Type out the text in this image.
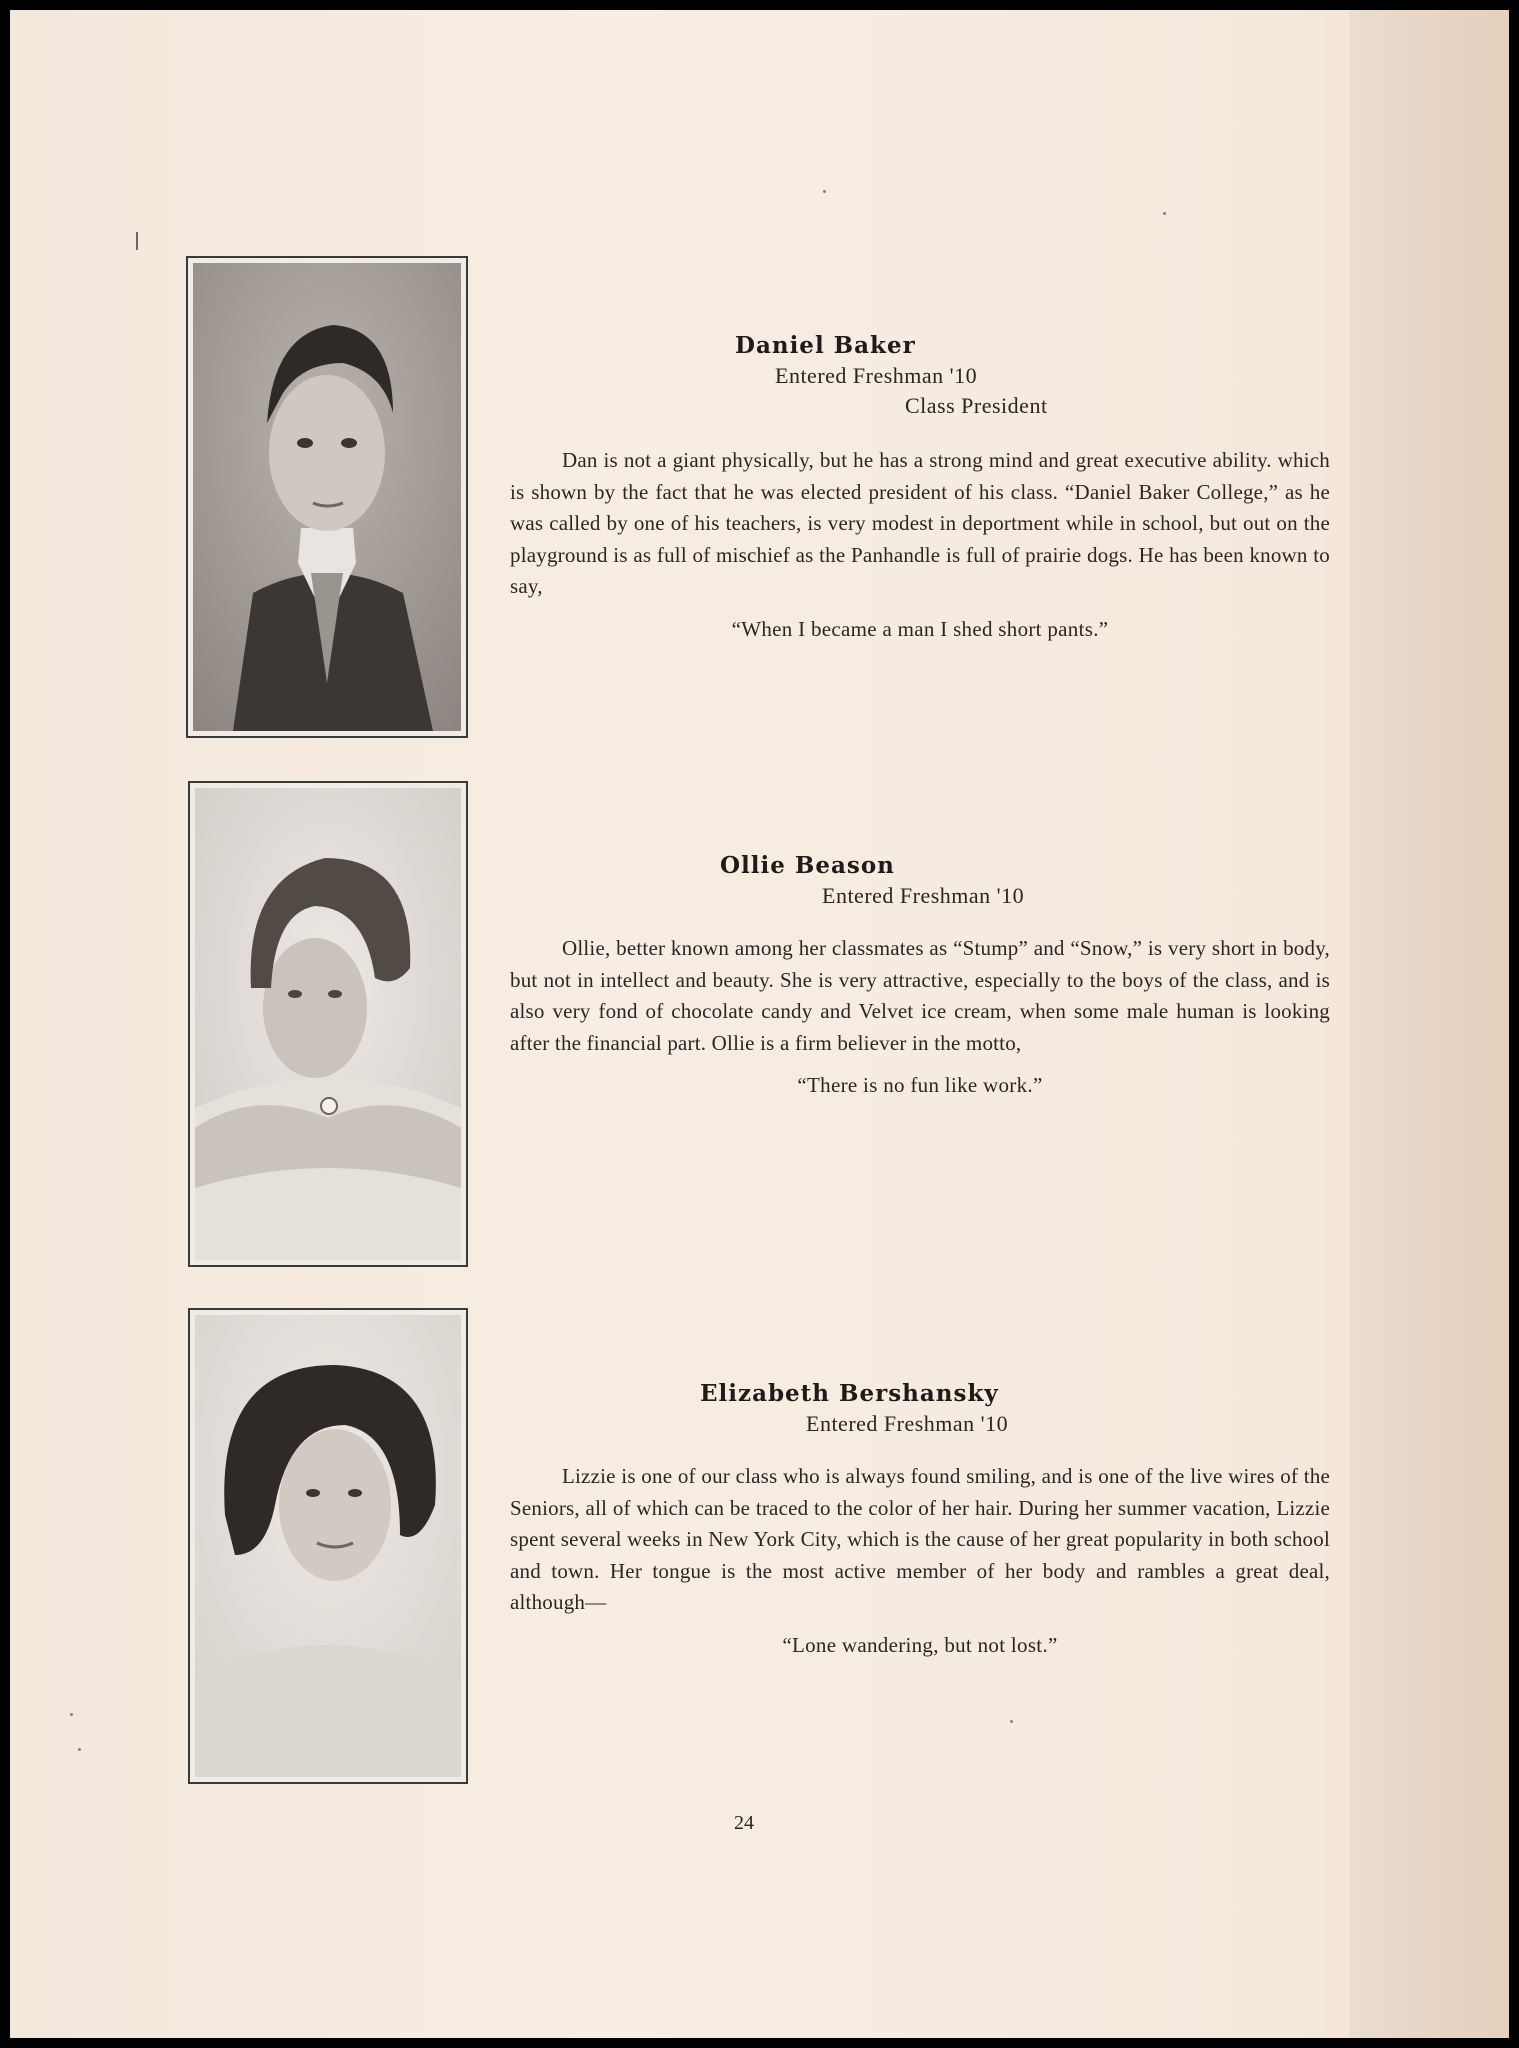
Daniel Baker
Entered Freshman '10
Class President

Dan is not a giant physically, but he has a strong mind and great executive ability. which is shown by the fact that he was elected president of his class. “Daniel Baker College,” as he was called by one of his teachers, is very modest in deportment while in school, but out on the playground is as full of mischief as the Panhandle is full of prairie dogs. He has been known to say,

“When I became a man I shed short pants.”
Ollie Beason
Entered Freshman '10

Ollie, better known among her classmates as “Stump” and “Snow,” is very short in body, but not in intellect and beauty. She is very attractive, especially to the boys of the class, and is also very fond of chocolate candy and Velvet ice cream, when some male human is looking after the financial part. Ollie is a firm believer in the motto,

“There is no fun like work.”
Elizabeth Bershansky
Entered Freshman '10

Lizzie is one of our class who is always found smiling, and is one of the live wires of the Seniors, all of which can be traced to the color of her hair. During her summer vacation, Lizzie spent several weeks in New York City, which is the cause of her great popularity in both school and town. Her tongue is the most active member of her body and rambles a great deal, although—

“Lone wandering, but not lost.”
24
